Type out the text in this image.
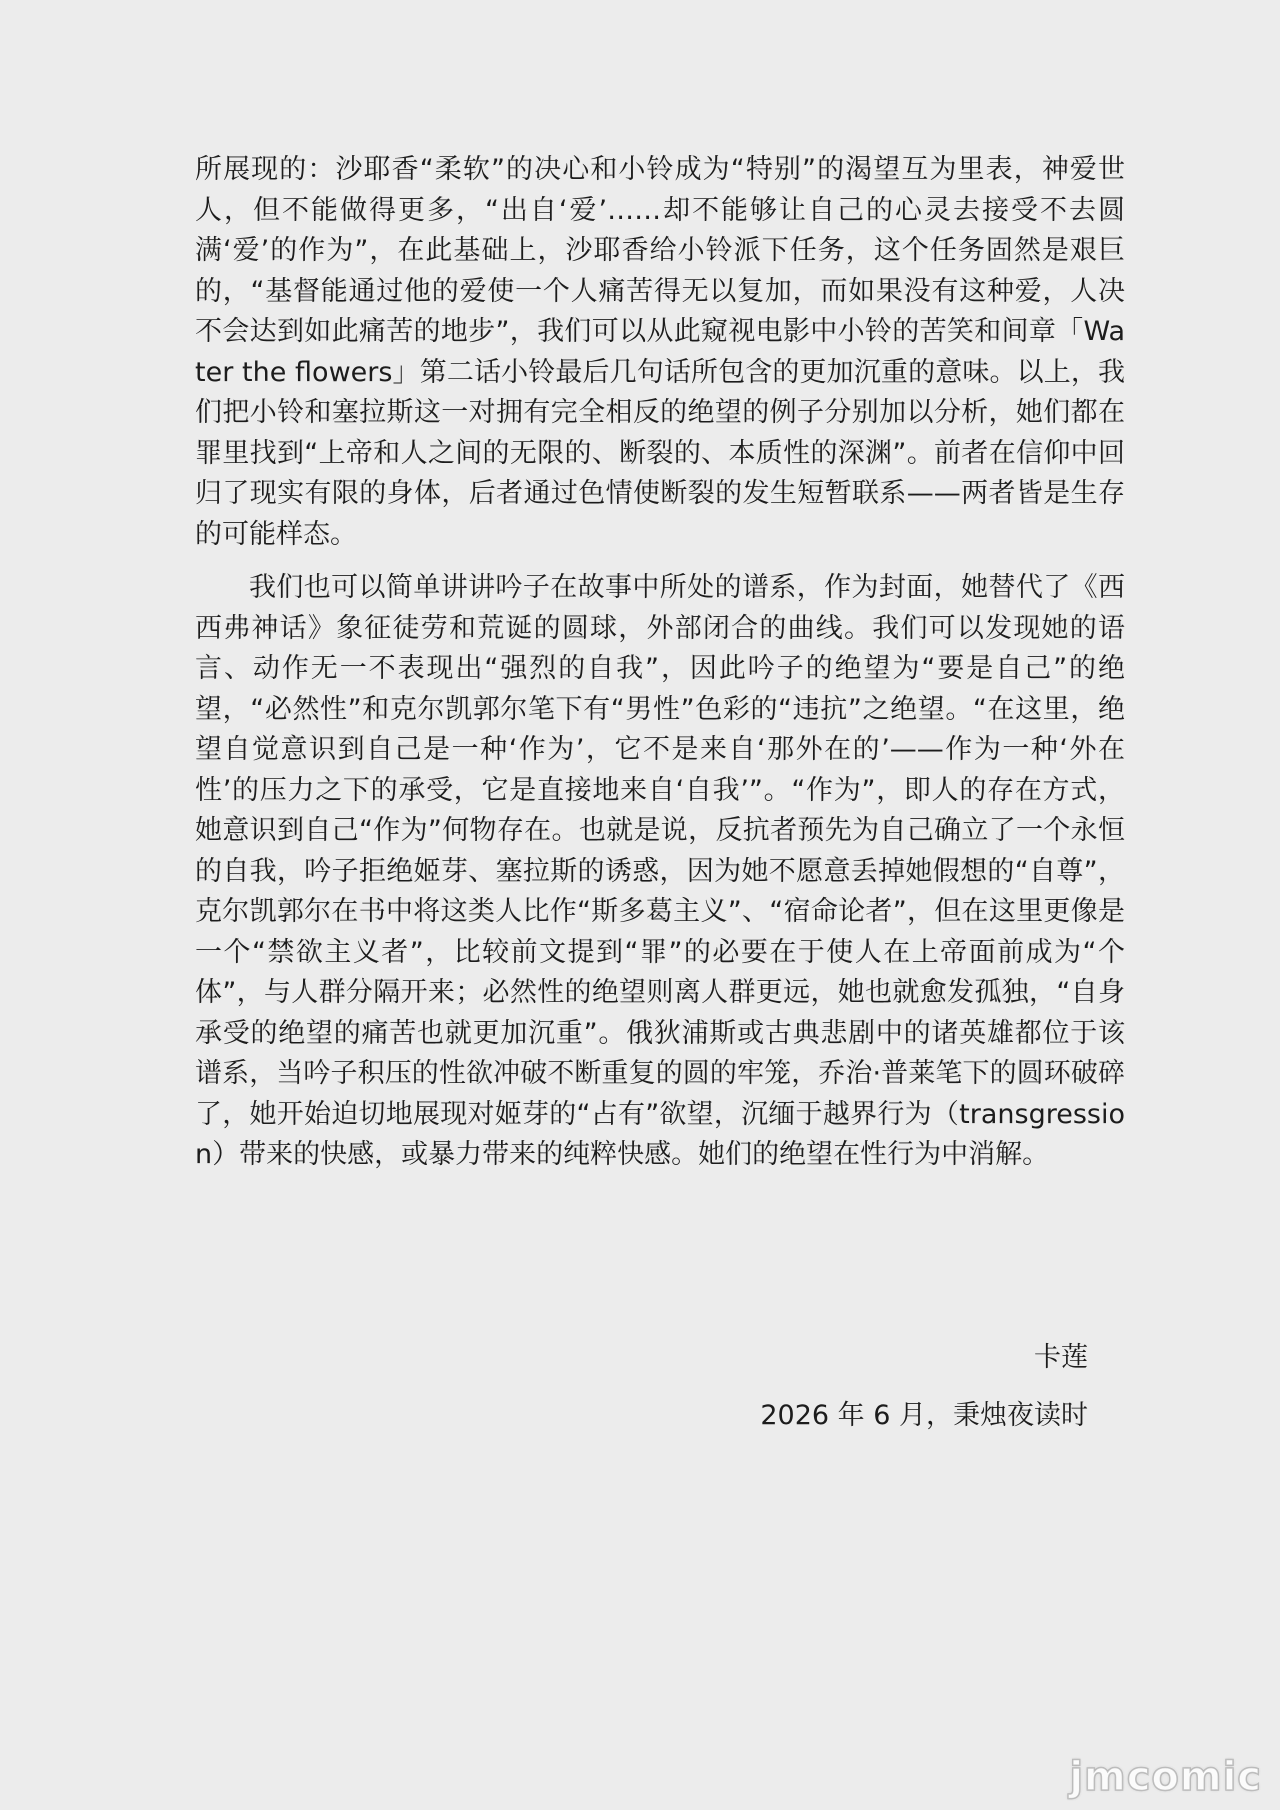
所展现的：沙耶香“柔软”的决心和小铃成为“特别”的渴望互为里表，神爱世人，但不能做得更多，“出自‘爱’……却不能够让自己的心灵去接受不去圆满‘爱’的作为”，在此基础上，沙耶香给小铃派下任务，这个任务固然是艰巨的，“基督能通过他的爱使一个人痛苦得无以复加，而如果没有这种爱，人决不会达到如此痛苦的地步”，我们可以从此窥视电影中小铃的苦笑和间章「Water the flowers」第二话小铃最后几句话所包含的更加沉重的意味。以上，我们把小铃和塞拉斯这一对拥有完全相反的绝望的例子分别加以分析，她们都在罪里找到“上帝和人之间的无限的、断裂的、本质性的深渊”。前者在信仰中回归了现实有限的身体，后者通过色情使断裂的发生短暂联系——两者皆是生存的可能样态。

我们也可以简单讲讲吟子在故事中所处的谱系，作为封面，她替代了《西西弗神话》象征徒劳和荒诞的圆球，外部闭合的曲线。我们可以发现她的语言、动作无一不表现出“强烈的自我”，因此吟子的绝望为“要是自己”的绝望，“必然性”和克尔凯郭尔笔下有“男性”色彩的“违抗”之绝望。“在这里，绝望自觉意识到自己是一种‘作为’，它不是来自‘那外在的’——作为一种‘外在性’的压力之下的承受，它是直接地来自‘自我’”。“作为”，即人的存在方式，她意识到自己“作为”何物存在。也就是说，反抗者预先为自己确立了一个永恒的自我，吟子拒绝姬芽、塞拉斯的诱惑，因为她不愿意丢掉她假想的“自尊”，克尔凯郭尔在书中将这类人比作“斯多葛主义”、“宿命论者”，但在这里更像是一个“禁欲主义者”，比较前文提到“罪”的必要在于使人在上帝面前成为“个体”，与人群分隔开来；必然性的绝望则离人群更远，她也就愈发孤独，“自身承受的绝望的痛苦也就更加沉重”。俄狄浦斯或古典悲剧中的诸英雄都位于该谱系，当吟子积压的性欲冲破不断重复的圆的牢笼，乔治·普莱笔下的圆环破碎了，她开始迫切地展现对姬芽的“占有”欲望，沉缅于越界行为（transgression）带来的快感，或暴力带来的纯粹快感。她们的绝望在性行为中消解。

卡莲
2026 年 6 月，秉烛夜读时
jmcomic
